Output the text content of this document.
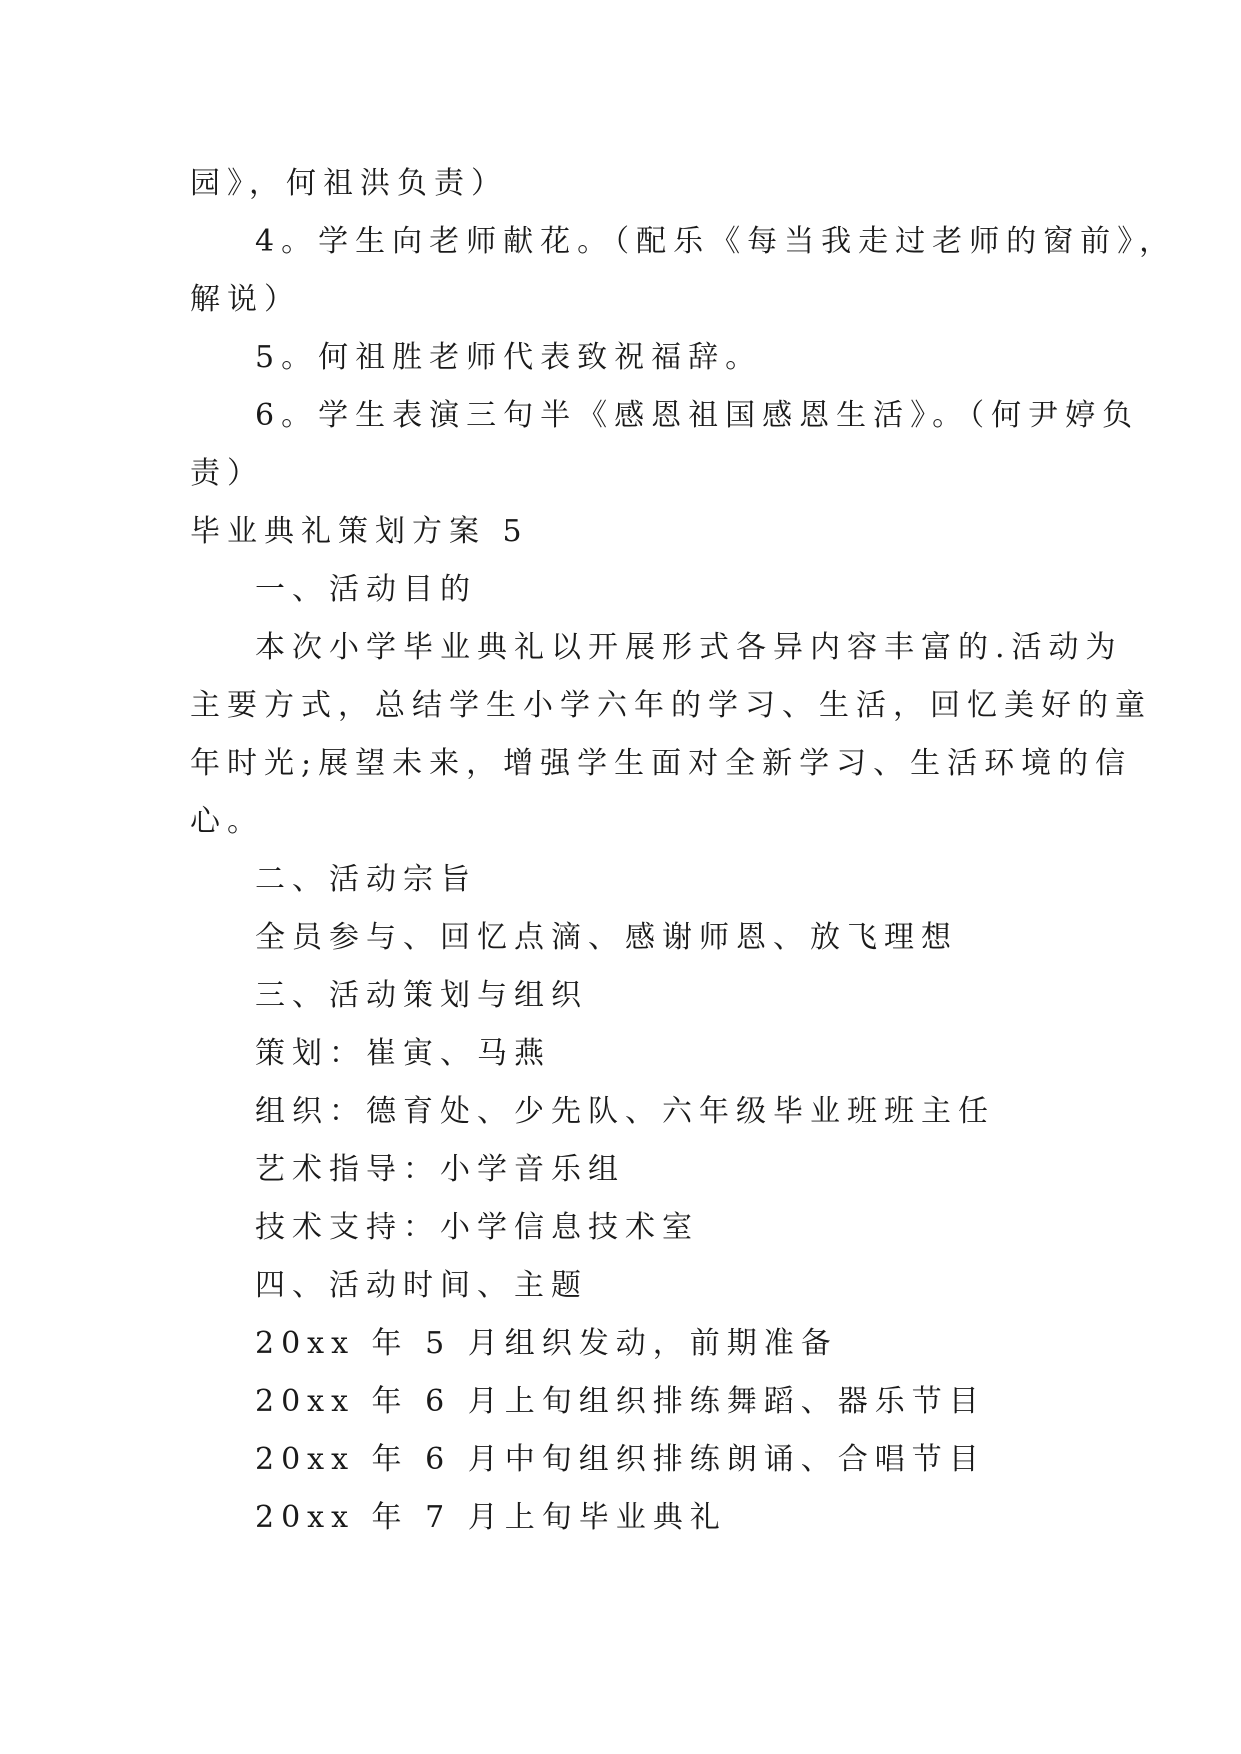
园》，何祖洪负责）
4。学生向老师献花。（配乐《每当我走过老师的窗前》，
解说）
5。何祖胜老师代表致祝福辞。
6。学生表演三句半《感恩祖国感恩生活》。（何尹婷负
责）
毕业典礼策划方案 5
一、活动目的
本次小学毕业典礼以开展形式各异内容丰富的.活动为
主要方式，总结学生小学六年的学习、生活，回忆美好的童
年时光;展望未来，增强学生面对全新学习、生活环境的信
心。
二、活动宗旨
全员参与、回忆点滴、感谢师恩、放飞理想
三、活动策划与组织
策划：崔寅、马燕
组织：德育处、少先队、六年级毕业班班主任
艺术指导：小学音乐组
技术支持：小学信息技术室
四、活动时间、主题
20xx 年 5 月组织发动，前期准备
20xx 年 6 月上旬组织排练舞蹈、器乐节目
20xx 年 6 月中旬组织排练朗诵、合唱节目
20xx 年 7 月上旬毕业典礼
